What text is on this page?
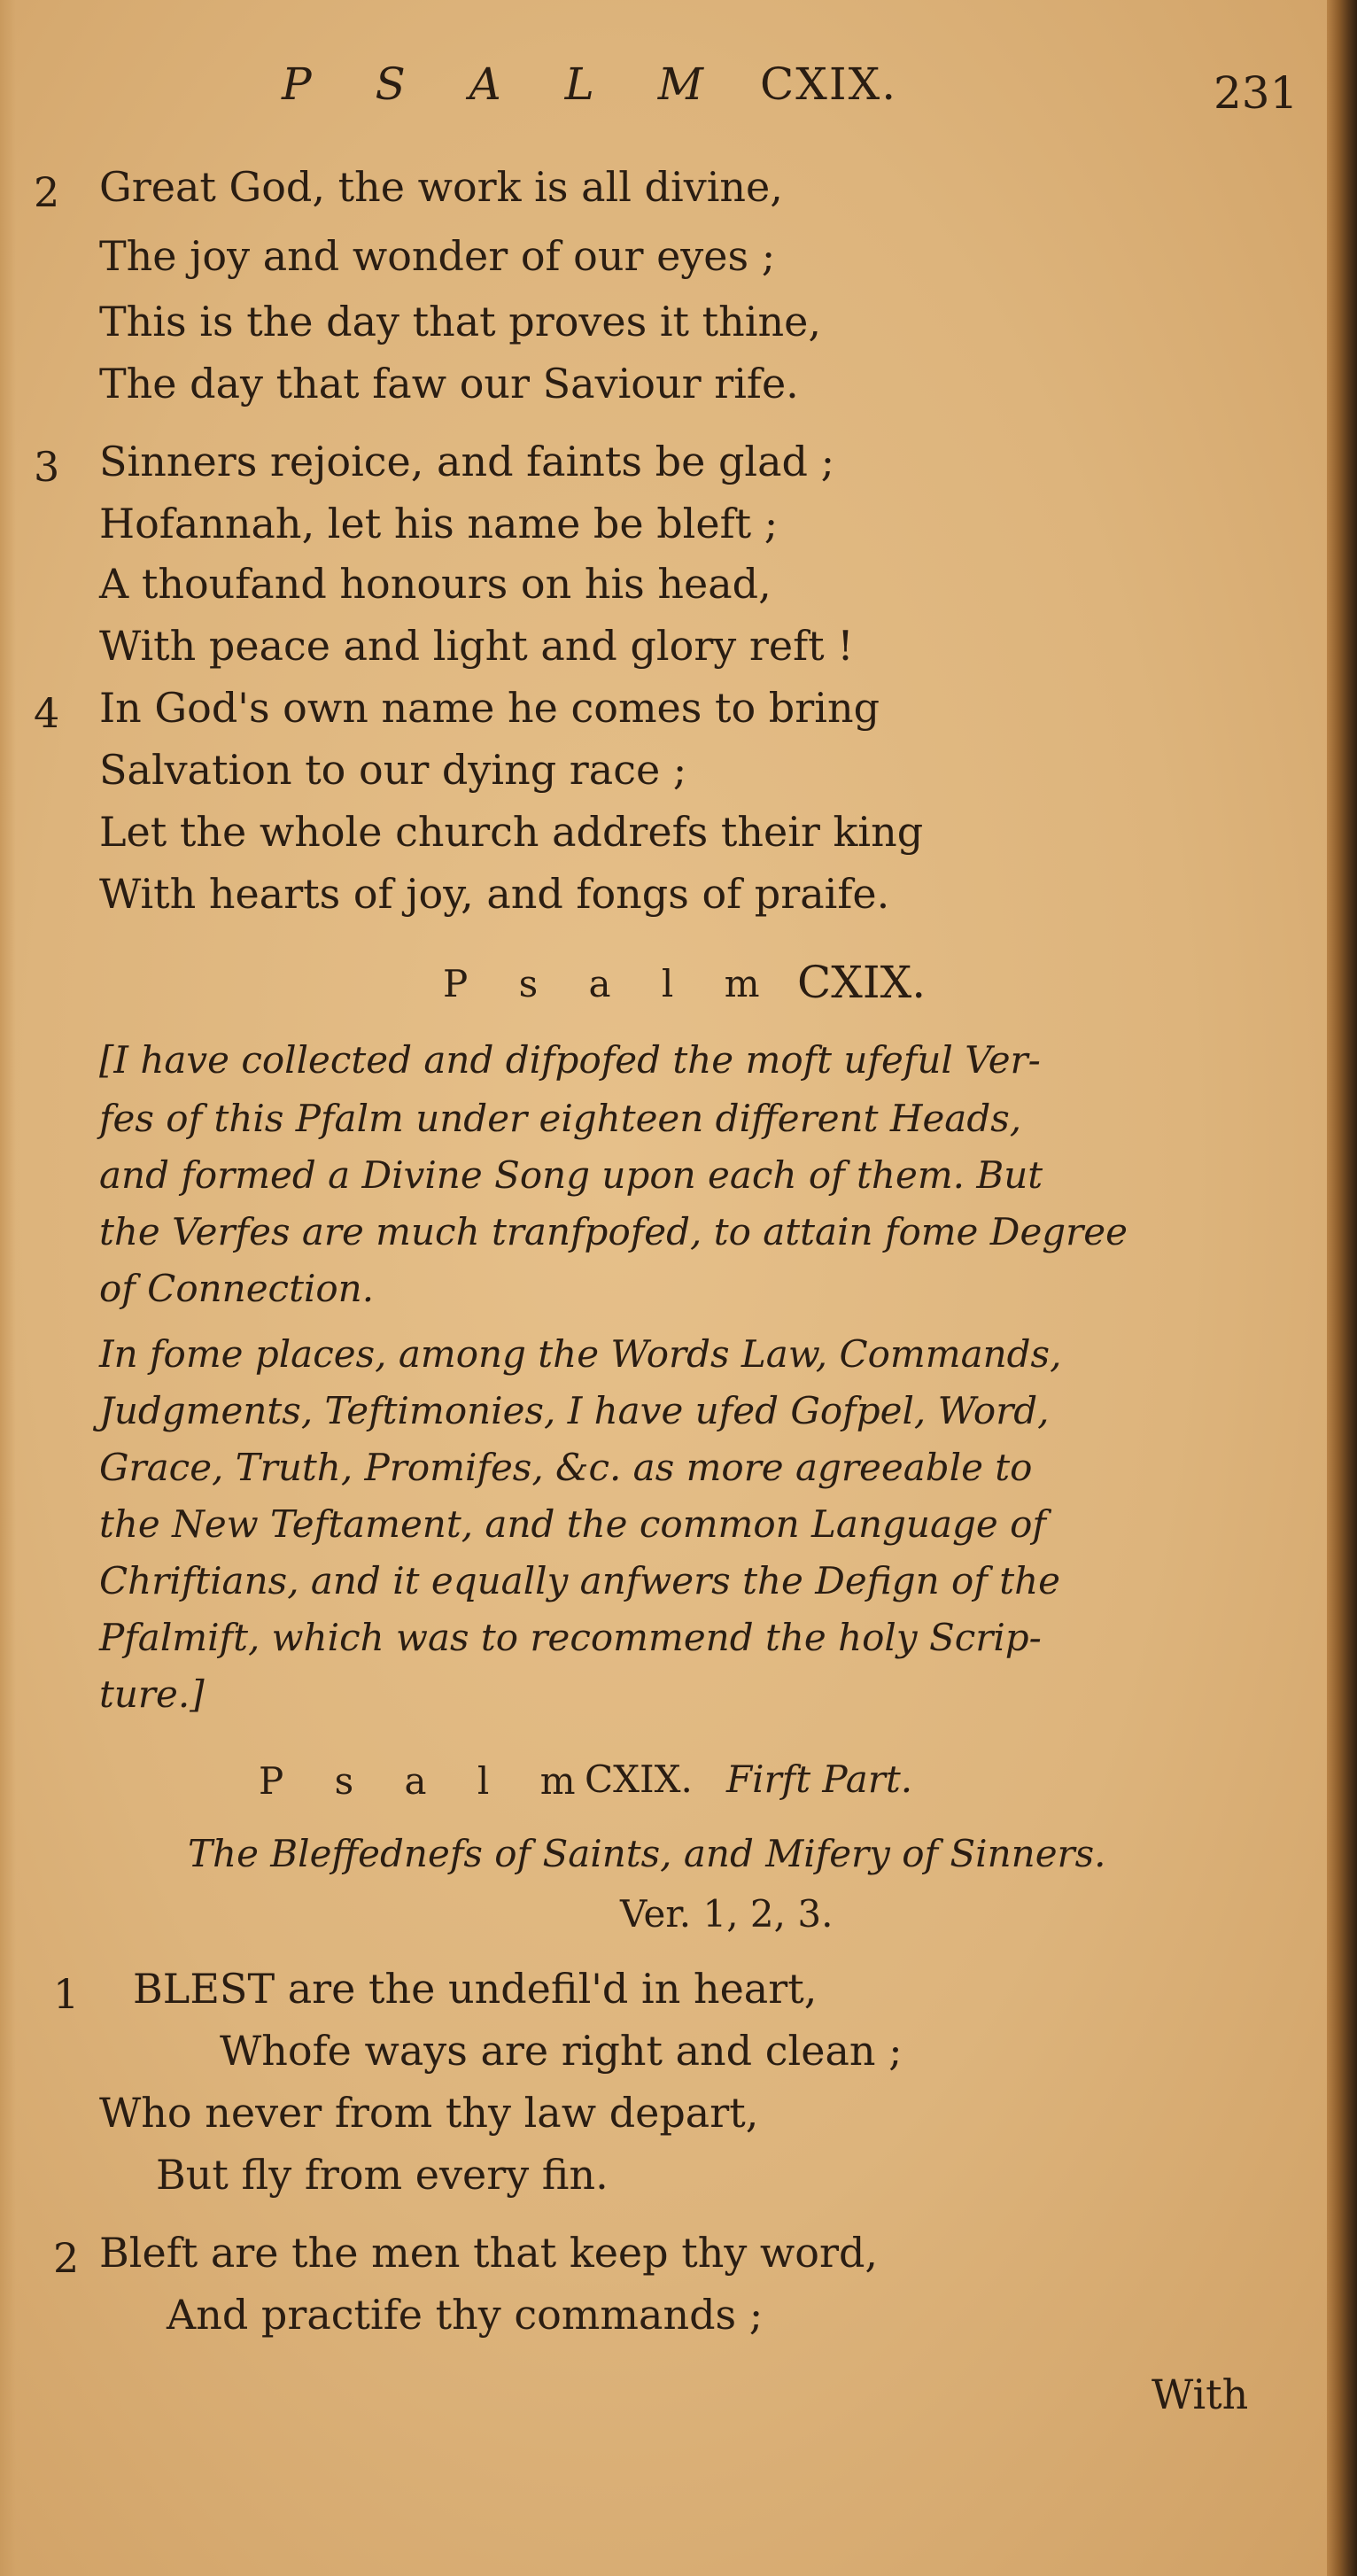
P S A L M CXIX.	231
2 Great God, the work is all divine,
The joy and wonder of our eyes ;
This is the day that proves it thine,
The day that faw our Saviour rife.
3 Sinners rejoice, and faints be glad ;
Hofannah, let his name be bleft ;
A thoufand honours on his head,
With peace and light and glory reft !
4 In God's own name he comes to bring
Salvation to our dying race ;
Let the whole church addrefs their king
With hearts of joy, and fongs of praife.
P s a l m CXIX.
[I have collected and difpofed the moft ufeful Ver-
fes of this Pfalm under eighteen different Heads,
and formed a Divine Song upon each of them. But
the Verfes are much tranfpofed, to attain fome Degree
of Connection.
In fome places, among the Words Law, Commands,
Judgments, Teftimonies, I have ufed Gofpel, Word,
Grace, Truth, Promifes, &c. as more agreeable to
the New Teftament, and the common Language of
Chriftians, and it equally anfwers the Defign of the
Pfalmift, which was to recommend the holy Scrip-
ture.]
P s a l m
CXIX. Firft Part.
The Bleffednefs of Saints, and Mifery of Sinners.
Ver. 1, 2, 3.
1 BLEST are the undefil'd in heart,
Whofe ways are right and clean ;
Who never from thy law depart,
But fly from every fin.
2 Bleft are the men that keep thy word,
And practife thy commands ;
With
